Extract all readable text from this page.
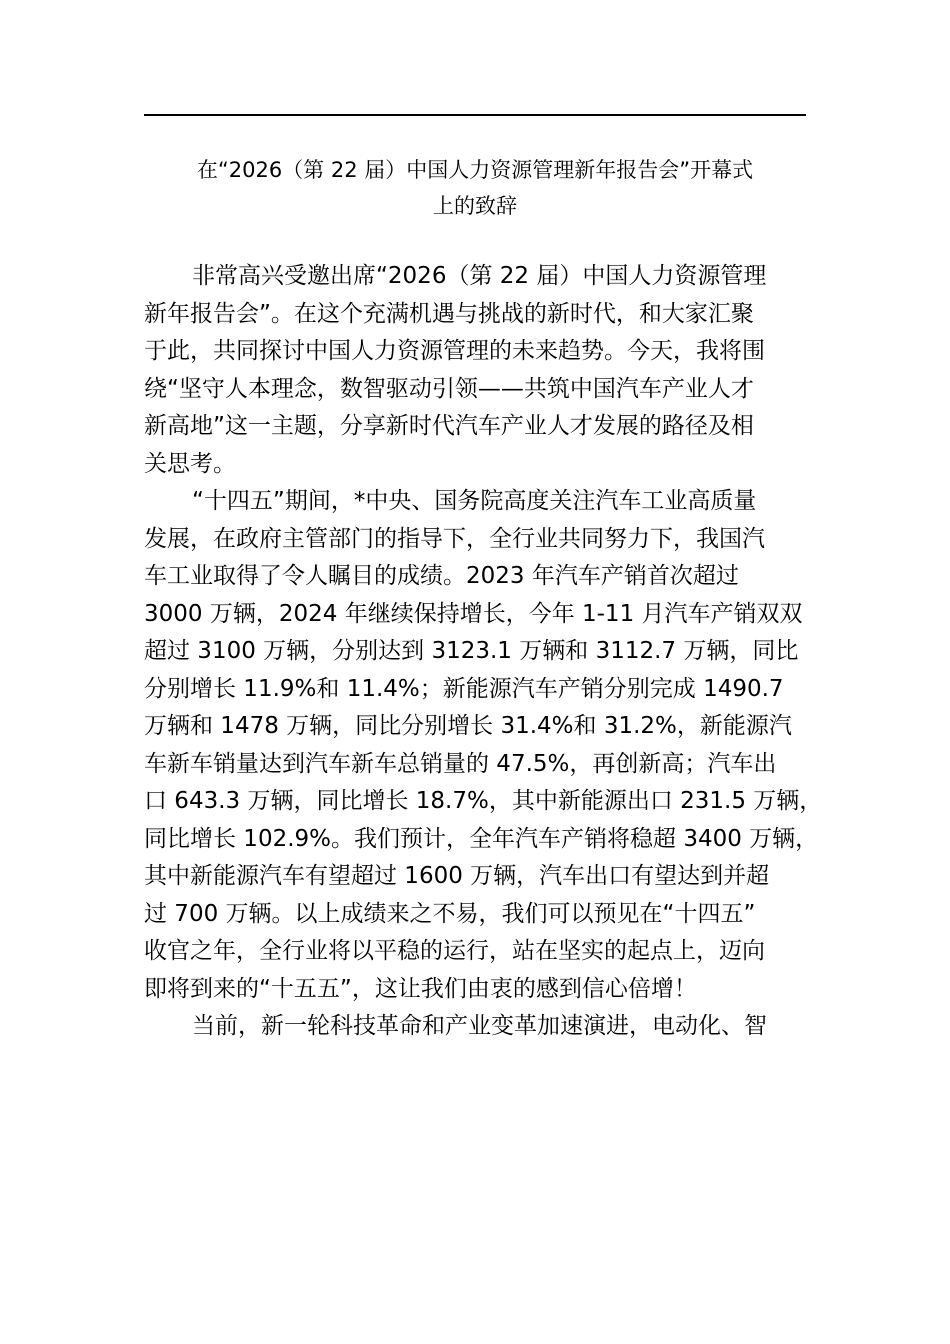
在“2026（第 22 届）中国人力资源管理新年报告会”开幕式
上的致辞

非常高兴受邀出席“2026（第 22 届）中国人力资源管理
新年报告会”。在这个充满机遇与挑战的新时代，和大家汇聚
于此，共同探讨中国人力资源管理的未来趋势。今天，我将围
绕“坚守人本理念，数智驱动引领——共筑中国汽车产业人才
新高地”这一主题，分享新时代汽车产业人才发展的路径及相
关思考。

“十四五”期间，*中央、国务院高度关注汽车工业高质量
发展，在政府主管部门的指导下，全行业共同努力下，我国汽
车工业取得了令人瞩目的成绩。2023 年汽车产销首次超过
3000 万辆，2024 年继续保持增长，今年 1-11 月汽车产销双双
超过 3100 万辆，分别达到 3123.1 万辆和 3112.7 万辆，同比
分别增长 11.9%和 11.4%；新能源汽车产销分别完成 1490.7
万辆和 1478 万辆，同比分别增长 31.4%和 31.2%，新能源汽
车新车销量达到汽车新车总销量的 47.5%，再创新高；汽车出
口 643.3 万辆，同比增长 18.7%，其中新能源出口 231.5 万辆，
同比增长 102.9%。我们预计，全年汽车产销将稳超 3400 万辆，
其中新能源汽车有望超过 1600 万辆，汽车出口有望达到并超
过 700 万辆。以上成绩来之不易，我们可以预见在“十四五”
收官之年，全行业将以平稳的运行，站在坚实的起点上，迈向
即将到来的“十五五”，这让我们由衷的感到信心倍增！

当前，新一轮科技革命和产业变革加速演进，电动化、智
